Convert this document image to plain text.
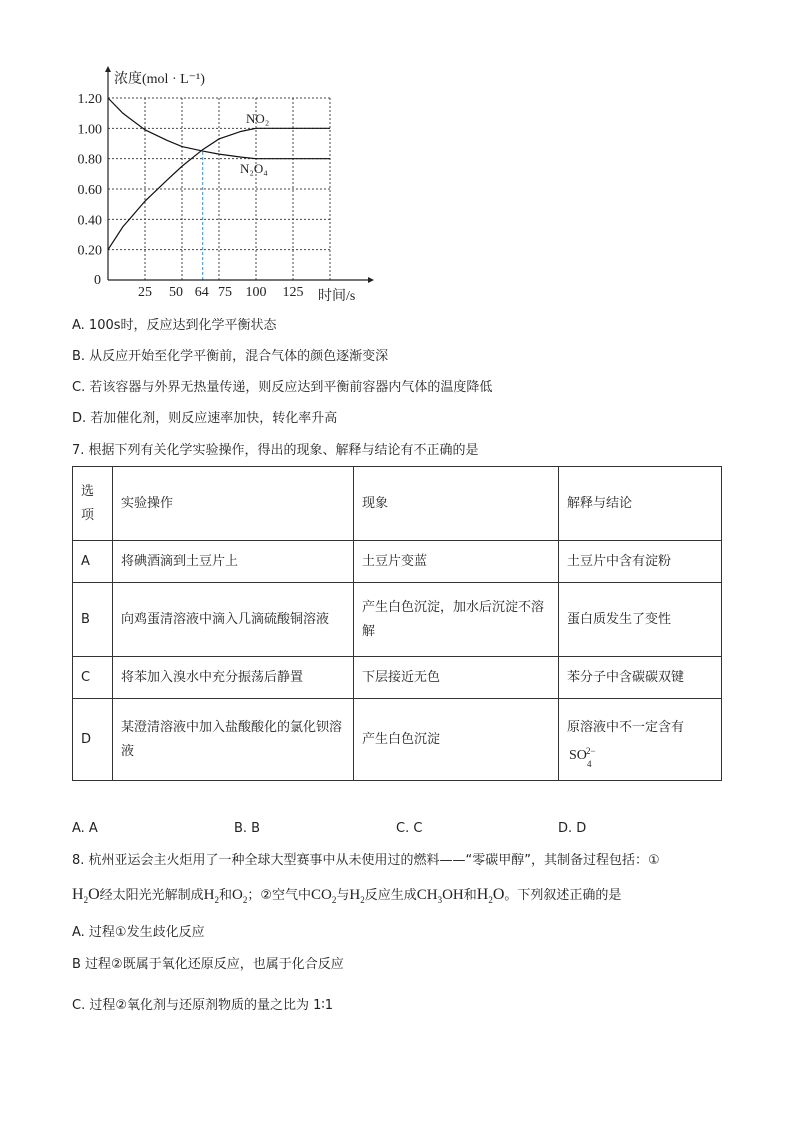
25 50 64 75 100 125
1.20
1.00
0.80
0.60
0.40
0.20
浓度(mol · L⁻¹)
时间/s
0
NO₂
N₂O₄
A. 100s时，反应达到化学平衡状态
B. 从反应开始至化学平衡前，混合气体的颜色逐渐变深
C. 若该容器与外界无热量传递，则反应达到平衡前容器内气体的温度降低
D. 若加催化剂，则反应速率加快，转化率升高
7. 根据下列有关化学实验操作，得出的现象、解释与结论有不正确的是
选项	实验操作	现象	解释与结论
A	将碘酒滴到土豆片上	土豆片变蓝	土豆片中含有淀粉
B	向鸡蛋清溶液中滴入几滴硫酸铜溶液	产生白色沉淀，加水后沉淀不溶解	蛋白质发生了变性
C	将苯加入溴水中充分振荡后静置	下层接近无色	苯分子中含碳碳双键
D	某澄清溶液中加入盐酸酸化的氯化钡溶液	产生白色沉淀	原溶液中不一定含有
SO 2−
4
A. A	B. B	C. C	D. D
8. 杭州亚运会主火炬用了一种全球大型赛事中从未使用过的燃料——“零碳甲醇”，其制备过程包括：①
$H_2O$经太阳光光解制成$H_2$和$O_2$；②空气中$CO_2$与$H_2$反应生成$CH_3OH$和$H_2O$。下列叙述正确的是
A. 过程①发生歧化反应
B 过程②既属于氧化还原反应，也属于化合反应
C. 过程②氧化剂与还原剂物质的量之比为 1∶1
